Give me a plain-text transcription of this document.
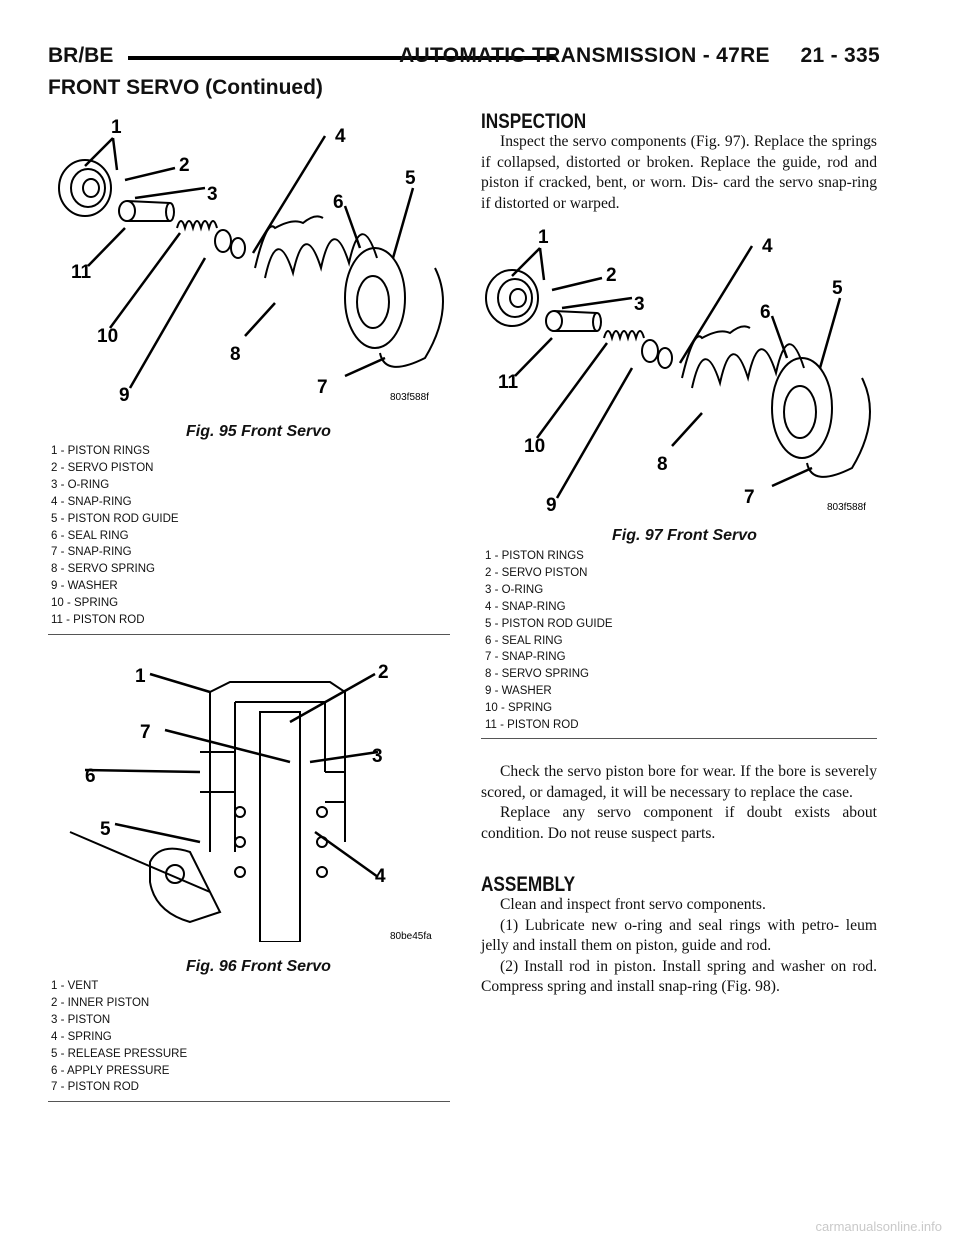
BR/BE	AUTOMATIC TRANSMISSION - 47RE     21 - 335
FRONT SERVO (Continued)
1
2
3
4
5
6
7
8
9
10
11
803f588f
Fig. 95 Front Servo
1 - PISTON RINGS
2 - SERVO PISTON
3 - O-RING
4 - SNAP-RING
5 - PISTON ROD GUIDE
6 - SEAL RING
7 - SNAP-RING
8 - SERVO SPRING
9 - WASHER
10 - SPRING
11 - PISTON ROD
1	2
3
4
5
6
7
80be45fa
Fig. 96 Front Servo
1 - VENT
2 - INNER PISTON
3 - PISTON
4 - SPRING
5 - RELEASE PRESSURE
6 - APPLY PRESSURE
7 - PISTON ROD
INSPECTION

Inspect the servo components (Fig. 97). Replace the springs if collapsed, distorted or broken. Replace the guide, rod and piston if cracked, bent, or worn. Dis- card the servo snap-ring if distorted or warped.

1
2
3
4
5
6
7
8
9
10
11
803f588f
Fig. 97 Front Servo
1 - PISTON RINGS
2 - SERVO PISTON
3 - O-RING
4 - SNAP-RING
5 - PISTON ROD GUIDE
6 - SEAL RING
7 - SNAP-RING
8 - SERVO SPRING
9 - WASHER
10 - SPRING
11 - PISTON ROD

Check the servo piston bore for wear. If the bore is severely scored, or damaged, it will be necessary to replace the case.

Replace any servo component if doubt exists about condition. Do not reuse suspect parts.

ASSEMBLY

Clean and inspect front servo components.

(1) Lubricate new o-ring and seal rings with petro- leum jelly and install them on piston, guide and rod.

(2) Install rod in piston. Install spring and washer on rod. Compress spring and install snap-ring (Fig. 98).

carmanualsonline.info
